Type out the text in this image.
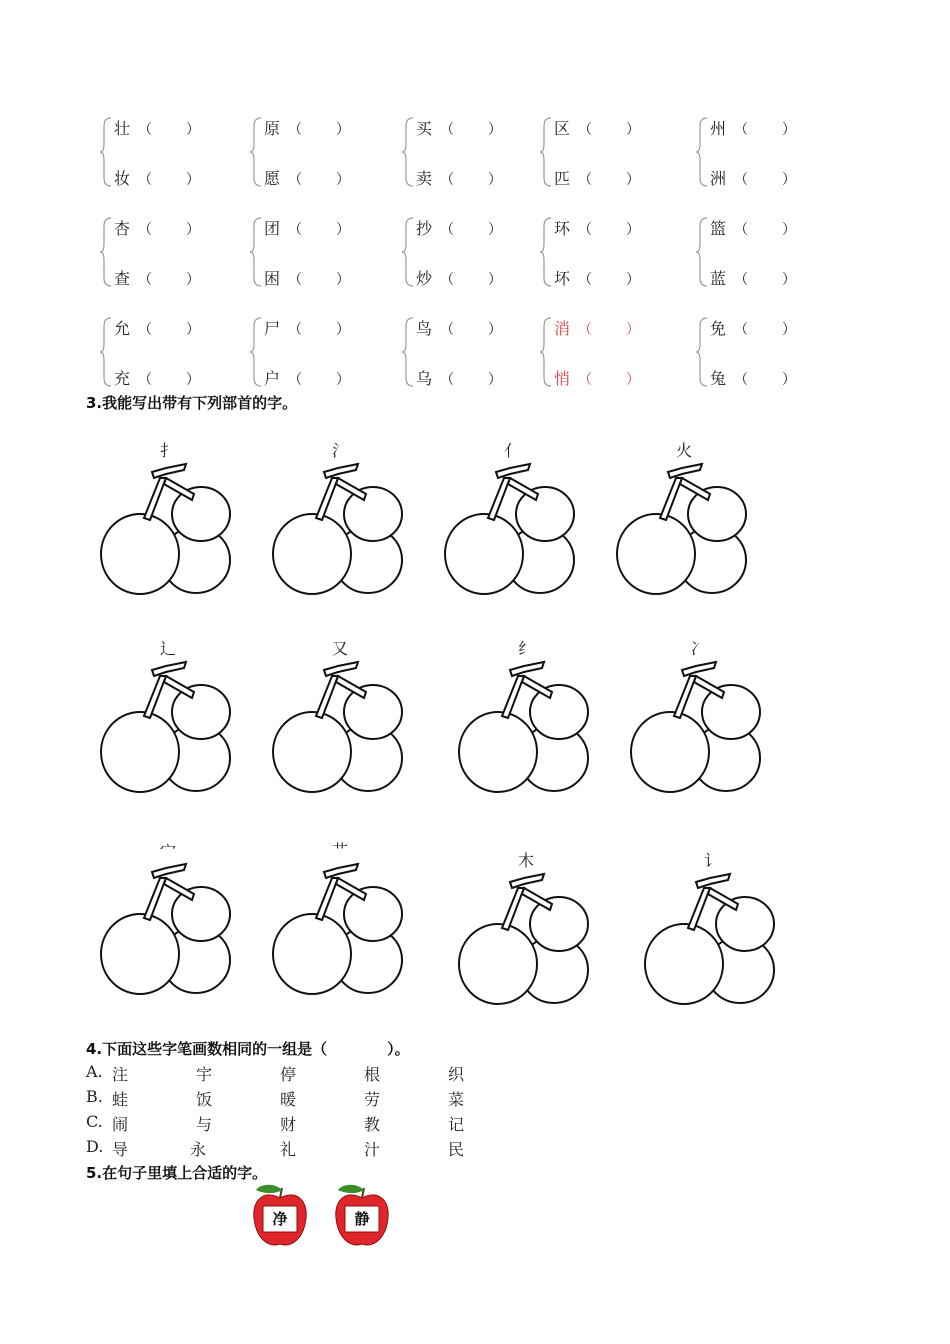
壮 （ ）
妆 （ ）
原 （ ）
愿 （ ）
买 （ ）
卖 （ ）
区 （ ）
匹 （ ）
州 （ ）
洲 （ ）
杏 （ ）
查 （ ）
团 （ ）
困 （ ）
抄 （ ）
炒 （ ）
环 （ ）
坏 （ ）
篮 （ ）
蓝 （ ）
允 （ ）
充 （ ）
尸 （ ）
户 （ ）
鸟 （ ）
乌 （ ）
消 （ ）
悄 （ ）
免 （ ）
兔 （ ）
3.我能写出带有下列部首的字。
扌	氵	亻	火
辶	又	纟	冫
宀	艹
木	讠
4.下面这些字笔画数相同的一组是（　　　　）。
A. 注	宇	停	根	织
B. 蛙	饭	暖	劳	菜
C. 闹	与	财	教	记
D. 导	永	礼	汁	民
5.在句子里填上合适的字。
净	静
